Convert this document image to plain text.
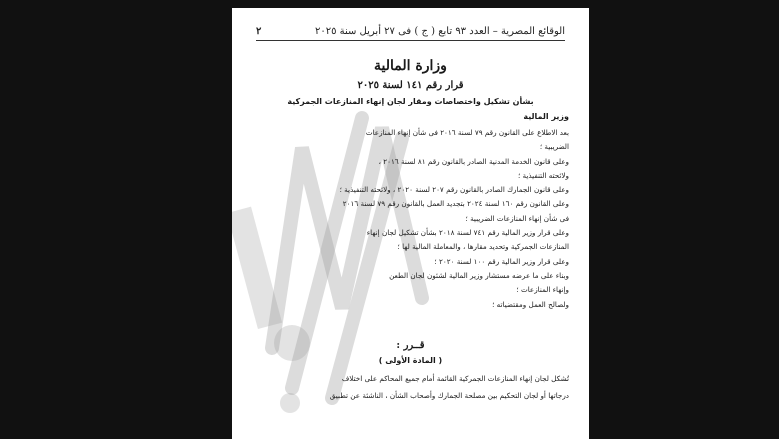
الوقائع المصرية – العدد ٩٣ تابع ( ج ) فى ٢٧ أبريل سنة ٢٠٢٥
٢
وزارة المالية
قرار رقم ١٤١ لسنة ٢٠٢٥
بشأن تشكيل واختصاصات ومقار لجان إنهاء المنازعات الجمركية
وزير المالية
بعد الاطلاع على القانون رقم ٧٩ لسنة ٢٠١٦ فى شأن إنهاء المنازعات
الضريبية ؛
وعلى قانون الخدمة المدنية الصادر بالقانون رقم ٨١ لسنة ٢٠١٦ ،
ولائحته التنفيذية ؛
وعلى قانون الجمارك الصادر بالقانون رقم ٢٠٧ لسنة ٢٠٢٠ ، ولائحته التنفيذية ؛
وعلى القانون رقم ١٦٠ لسنة ٢٠٢٤ بتجديد العمل بالقانون رقم ٧٩ لسنة ٢٠١٦
فى شأن إنهاء المنازعات الضريبية ؛
وعلى قرار وزير المالية رقم ٧٤١ لسنة ٢٠١٨ بشأن تشكيل لجان إنهاء
المنازعات الجمركية وتحديد مقارها ، والمعاملة المالية لها ؛
وعلى قرار وزير المالية رقم ١٠٠ لسنة ٢٠٢٠ ؛
وبناء على ما عرضه مستشار وزير المالية لشئون لجان الطعن
وإنهاء المنازعات ؛
ولصالح العمل ومقتضياته ؛
قــرر :
( المادة الأولى )
تُشكل لجان إنهاء المنازعات الجمركية القائمة أمام جميع المحاكم على اختلاف
درجاتها أو لجان التحكيم بين مصلحة الجمارك وأصحاب الشأن ، الناشئة عن تطبيق
